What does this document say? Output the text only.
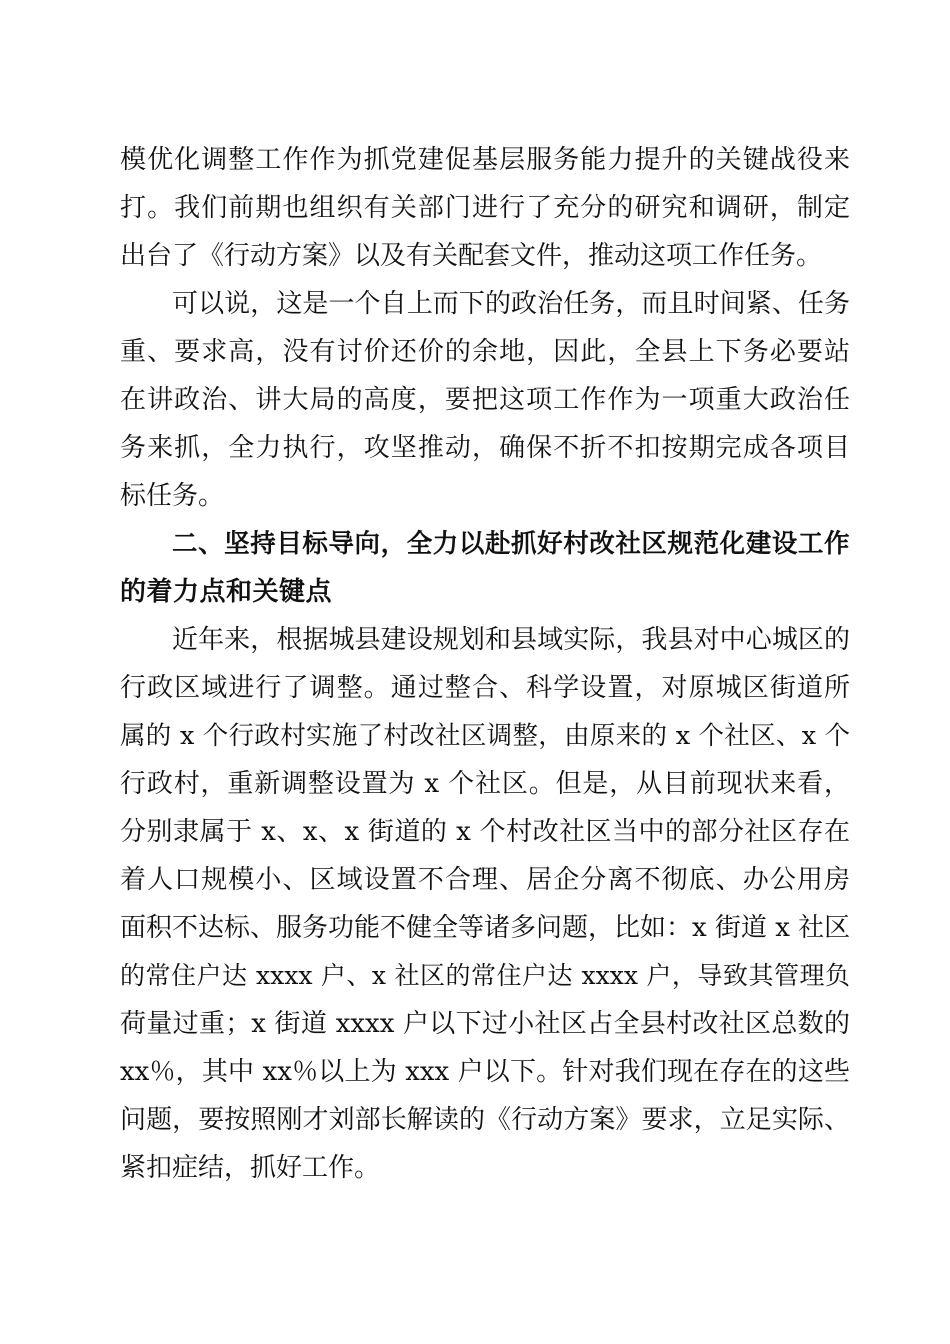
模优化调整工作作为抓党建促基层服务能力提升的关键战役来
打。我们前期也组织有关部门进行了充分的研究和调研，制定
出台了《行动方案》以及有关配套文件，推动这项工作任务。
可以说，这是一个自上而下的政治任务，而且时间紧、任务
重、要求高，没有讨价还价的余地，因此，全县上下务必要站
在讲政治、讲大局的高度，要把这项工作作为一项重大政治任
务来抓，全力执行，攻坚推动，确保不折不扣按期完成各项目
标任务。
二、坚持目标导向，全力以赴抓好村改社区规范化建设工作
的着力点和关键点
近年来，根据城县建设规划和县域实际，我县对中心城区的
行政区域进行了调整。通过整合、科学设置，对原城区街道所
属的 x 个行政村实施了村改社区调整，由原来的 x 个社区、x 个
行政村，重新调整设置为 x 个社区。但是，从目前现状来看，
分别隶属于 x、x、x 街道的 x 个村改社区当中的部分社区存在
着人口规模小、区域设置不合理、居企分离不彻底、办公用房
面积不达标、服务功能不健全等诸多问题，比如：x 街道 x 社区
的常住户达 xxxx 户、x 社区的常住户达 xxxx 户，导致其管理负
荷量过重；x 街道 xxxx 户以下过小社区占全县村改社区总数的
xx％，其中 xx％以上为 xxx 户以下。针对我们现在存在的这些
问题，要按照刚才刘部长解读的《行动方案》要求，立足实际、
紧扣症结，抓好工作。
